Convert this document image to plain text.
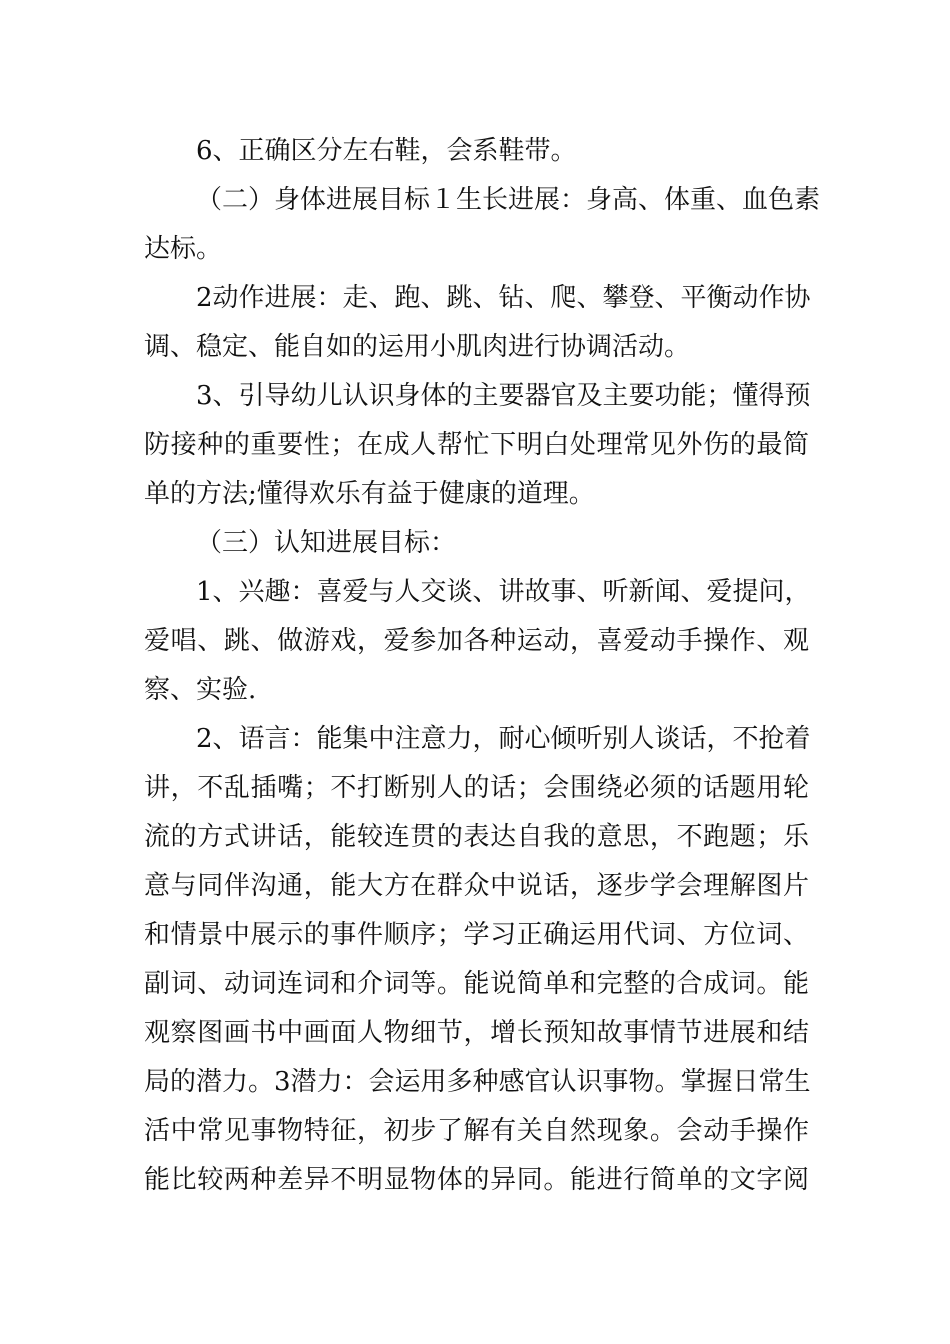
6、正确区分左右鞋，会系鞋带。
（二）身体进展目标１生长进展：身高、体重、血色素
达标。
2动作进展：走、跑、跳、钻、爬、攀登、平衡动作协
调、稳定、能自如的运用小肌肉进行协调活动。
3、引导幼儿认识身体的主要器官及主要功能；懂得预
防接种的重要性；在成人帮忙下明白处理常见外伤的最简
单的方法;懂得欢乐有益于健康的道理。
（三）认知进展目标：
1、兴趣：喜爱与人交谈、讲故事、听新闻、爱提问，
爱唱、跳、做游戏，爱参加各种运动，喜爱动手操作、观
察、实验.
2、语言：能集中注意力，耐心倾听别人谈话，不抢着
讲，不乱插嘴；不打断别人的话；会围绕必须的话题用轮
流的方式讲话，能较连贯的表达自我的意思，不跑题；乐
意与同伴沟通，能大方在群众中说话，逐步学会理解图片
和情景中展示的事件顺序；学习正确运用代词、方位词、
副词、动词连词和介词等。能说简单和完整的合成词。能
观察图画书中画面人物细节，增长预知故事情节进展和结
局的潜力。3潜力：会运用多种感官认识事物。掌握日常生
活中常见事物特征，初步了解有关自然现象。会动手操作
能比较两种差异不明显物体的异同。能进行简单的文字阅
